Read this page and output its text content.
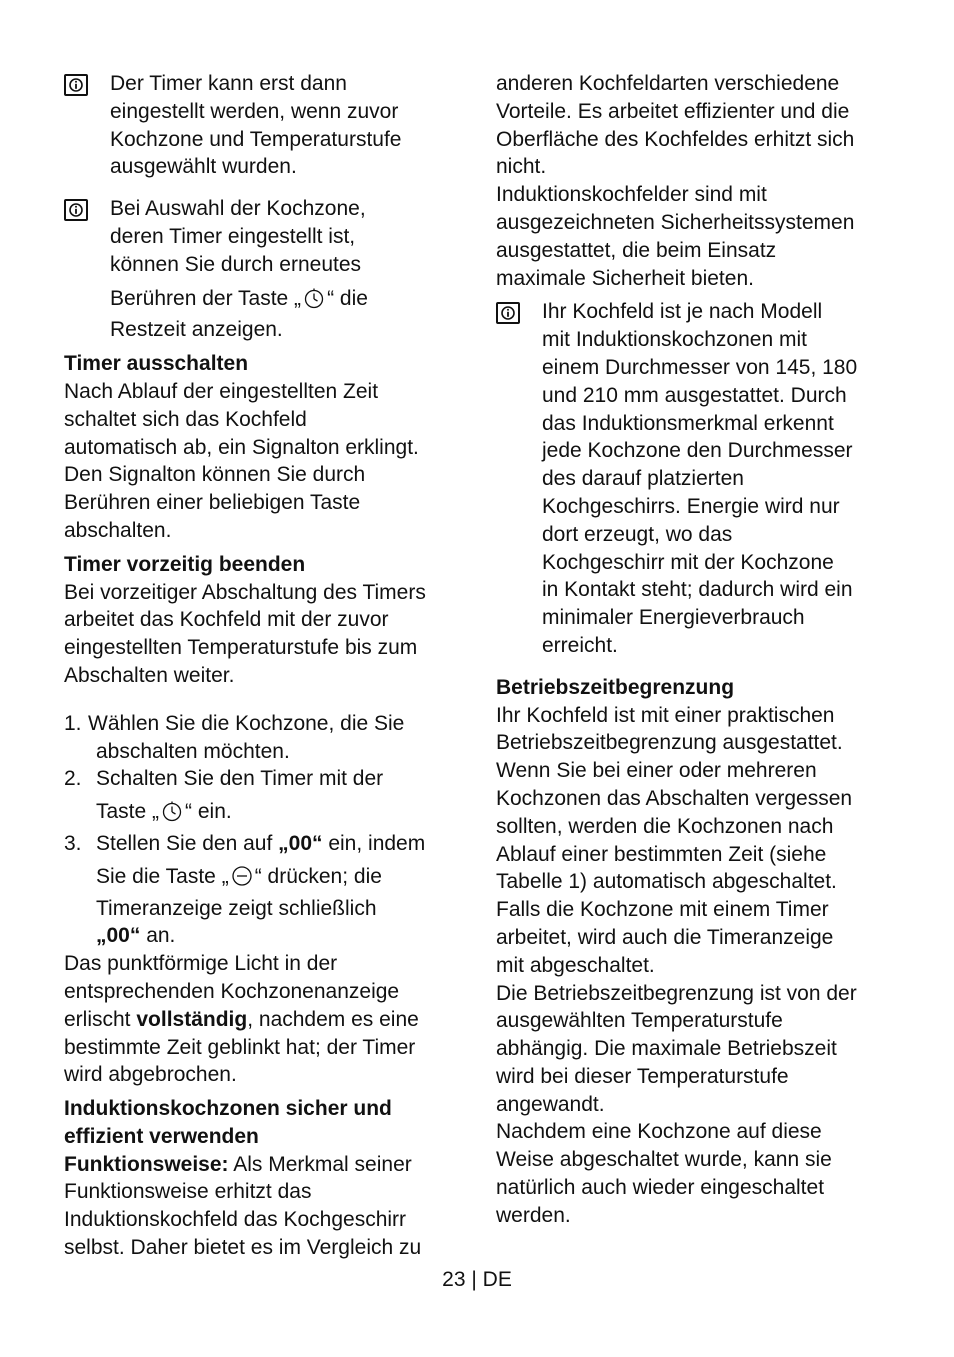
Der Timer kann erst dann
eingestellt werden, wenn zuvor
Kochzone und Temperaturstufe
ausgewählt wurden.
Bei Auswahl der Kochzone,
deren Timer eingestellt ist,
können Sie durch erneutes
Berühren der Taste „ “ die
Restzeit anzeigen.
Timer ausschalten
Nach Ablauf der eingestellten Zeit
schaltet sich das Kochfeld
automatisch ab, ein Signalton erklingt.
Den Signalton können Sie durch
Berühren einer beliebigen Taste
abschalten.
Timer vorzeitig beenden
Bei vorzeitiger Abschaltung des Timers
arbeitet das Kochfeld mit der zuvor
eingestellten Temperaturstufe bis zum
Abschalten weiter.
1. Wählen Sie die Kochzone, die Sie
abschalten möchten.
2. Schalten Sie den Timer mit der
Taste „ “ ein.
3. Stellen Sie den auf „00“ ein, indem
Sie die Taste „ “ drücken; die
Timeranzeige zeigt schließlich
„00“ an.
Das punktförmige Licht in der
entsprechenden Kochzonenanzeige
erlischt vollständig, nachdem es eine
bestimmte Zeit geblinkt hat; der Timer
wird abgebrochen.
Induktionskochzonen sicher und
effizient verwenden
Funktionsweise: Als Merkmal seiner
Funktionsweise erhitzt das
Induktionskochfeld das Kochgeschirr
selbst. Daher bietet es im Vergleich zu
anderen Kochfeldarten verschiedene
Vorteile. Es arbeitet effizienter und die
Oberfläche des Kochfeldes erhitzt sich
nicht.
Induktionskochfelder sind mit
ausgezeichneten Sicherheitssystemen
ausgestattet, die beim Einsatz
maximale Sicherheit bieten.
Ihr Kochfeld ist je nach Modell
mit Induktionskochzonen mit
einem Durchmesser von 145, 180
und 210 mm ausgestattet. Durch
das Induktionsmerkmal erkennt
jede Kochzone den Durchmesser
des darauf platzierten
Kochgeschirrs. Energie wird nur
dort erzeugt, wo das
Kochgeschirr mit der Kochzone
in Kontakt steht; dadurch wird ein
minimaler Energieverbrauch
erreicht.
Betriebszeitbegrenzung
Ihr Kochfeld ist mit einer praktischen
Betriebszeitbegrenzung ausgestattet.
Wenn Sie bei einer oder mehreren
Kochzonen das Abschalten vergessen
sollten, werden die Kochzonen nach
Ablauf einer bestimmten Zeit (siehe
Tabelle 1) automatisch abgeschaltet.
Falls die Kochzone mit einem Timer
arbeitet, wird auch die Timeranzeige
mit abgeschaltet.
Die Betriebszeitbegrenzung ist von der
ausgewählten Temperaturstufe
abhängig. Die maximale Betriebszeit
wird bei dieser Temperaturstufe
angewandt.
Nachdem eine Kochzone auf diese
Weise abgeschaltet wurde, kann sie
natürlich auch wieder eingeschaltet
werden.
23 | DE
